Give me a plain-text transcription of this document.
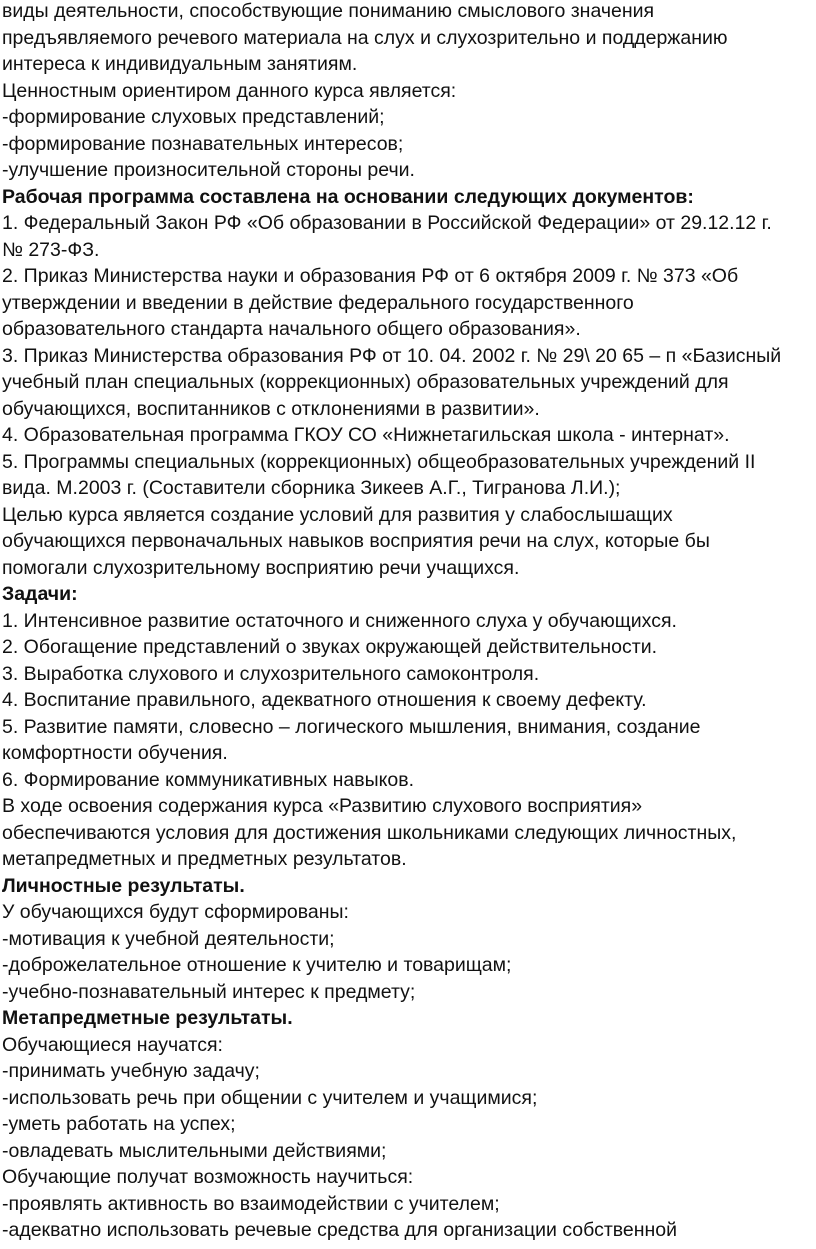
виды деятельности, способствующие пониманию смыслового значения

предъявляемого речевого материала на слух и слухозрительно и поддержанию

интереса к индивидуальным занятиям.

Ценностным ориентиром данного курса является:

-формирование слуховых представлений;

-формирование познавательных интересов;

-улучшение произносительной стороны речи.

Рабочая программа составлена на основании следующих документов:

1. Федеральный Закон РФ «Об образовании в Российской Федерации» от 29.12.12 г.

№ 273-ФЗ.

2. Приказ Министерства науки и образования РФ от 6 октября 2009 г. № 373 «Об

утверждении и введении в действие федерального государственного

образовательного стандарта начального общего образования».

3. Приказ Министерства образования РФ от 10. 04. 2002 г. № 29\ 20 65 – п «Базисный

учебный план специальных (коррекционных) образовательных учреждений для

обучающихся, воспитанников с отклонениями в развитии».

4. Образовательная программа ГКОУ СО «Нижнетагильская школа - интернат».

5. Программы специальных (коррекционных) общеобразовательных учреждений II

вида. М.2003 г. (Составители сборника Зикеев А.Г., Тигранова Л.И.);

Целью курса является создание условий для развития у слабослышащих

обучающихся первоначальных навыков восприятия речи на слух, которые бы

помогали слухозрительному восприятию речи учащихся.

Задачи:

1. Интенсивное развитие остаточного и сниженного слуха у обучающихся.

2. Обогащение представлений о звуках окружающей действительности.

3. Выработка слухового и слухозрительного самоконтроля.

4. Воспитание правильного, адекватного отношения к своему дефекту.

5. Развитие памяти, словесно – логического мышления, внимания, создание

комфортности обучения.

6. Формирование коммуникативных навыков.

В ходе освоения содержания курса «Развитию слухового восприятия»

обеспечиваются условия для достижения школьниками следующих личностных,

метапредметных и предметных результатов.

Личностные результаты.

У обучающихся будут сформированы:

-мотивация к учебной деятельности;

-доброжелательное отношение к учителю и товарищам;

-учебно-познавательный интерес к предмету;

Метапредметные результаты.

Обучающиеся научатся:

-принимать учебную задачу;

-использовать речь при общении с учителем и учащимися;

-уметь работать на успех;

-овладевать мыслительными действиями;

Обучающие получат возможность научиться:

-проявлять активность во взаимодействии с учителем;

-адекватно использовать речевые средства для организации собственной
